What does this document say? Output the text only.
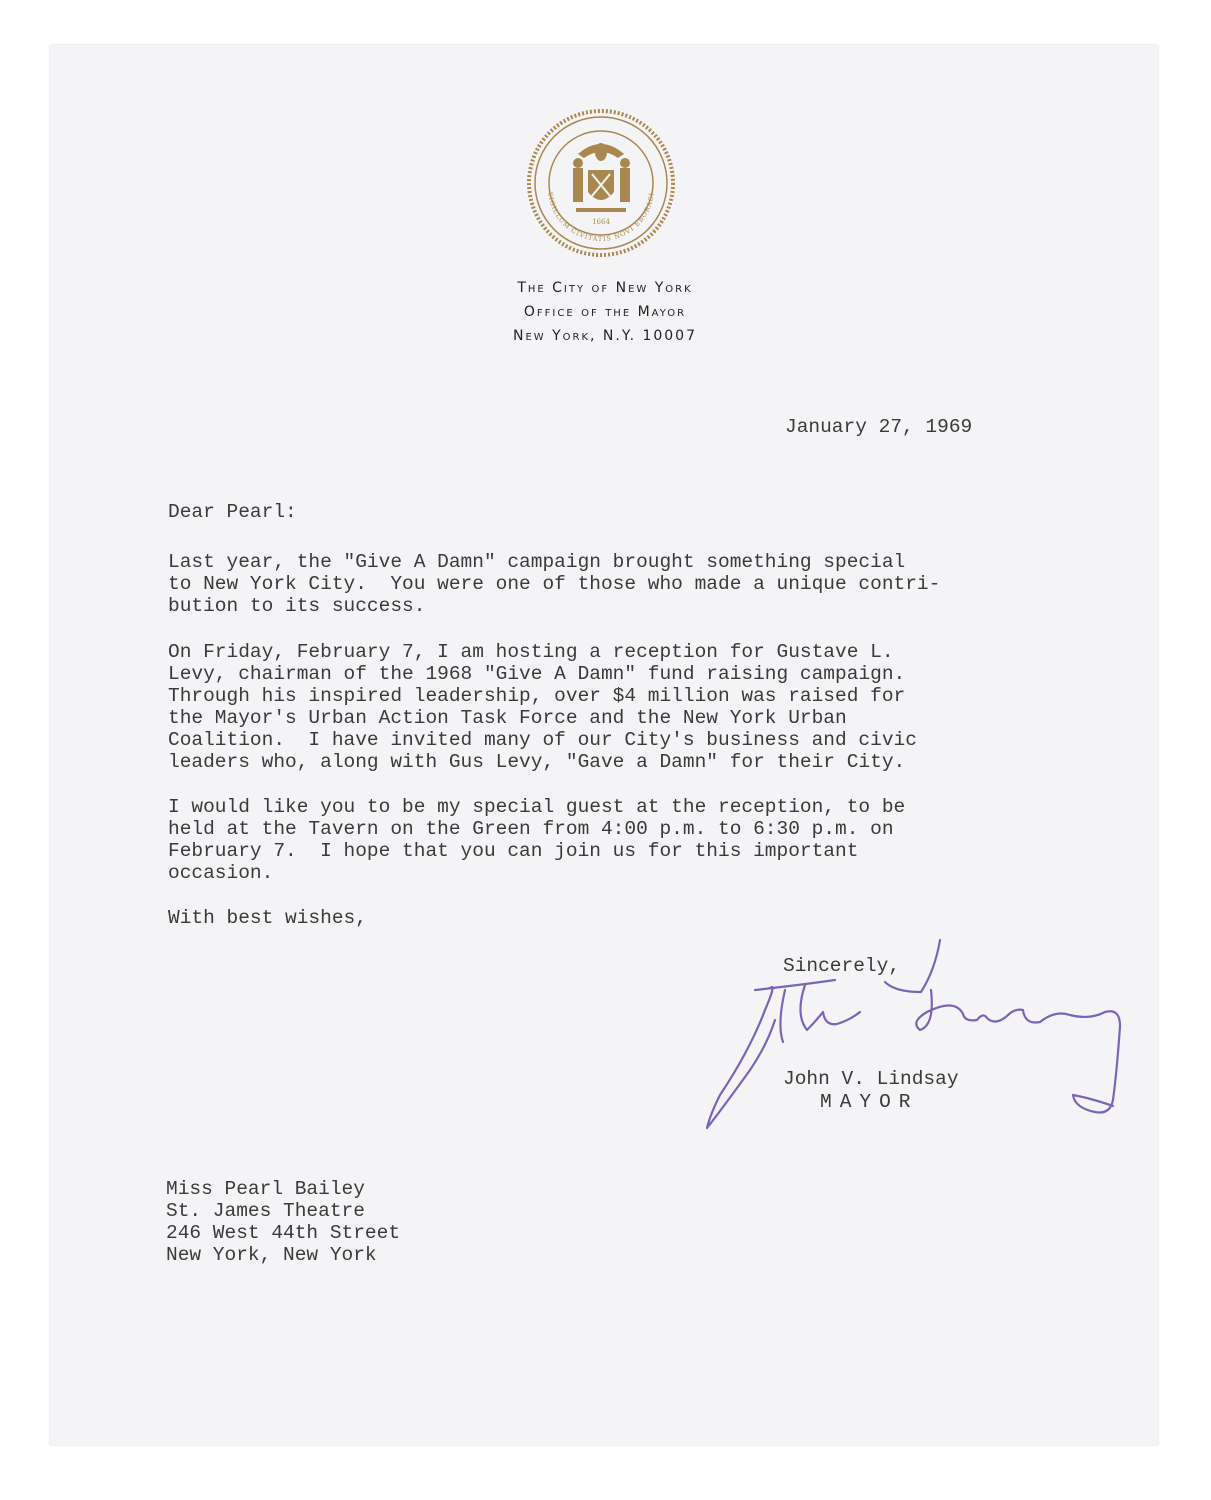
1664
SIGILLUM CIVITATIS NOVI EBORACI
The City of New York
Office of the Mayor
New York, N.Y. 10007
January 27, 1969
Dear Pearl:
Last year, the "Give A Damn" campaign brought something special
to New York City.  You were one of those who made a unique contri-
bution to its success.
On Friday, February 7, I am hosting a reception for Gustave L.
Levy, chairman of the 1968 "Give A Damn" fund raising campaign.
Through his inspired leadership, over $4 million was raised for
the Mayor's Urban Action Task Force and the New York Urban
Coalition.  I have invited many of our City's business and civic
leaders who, along with Gus Levy, "Gave a Damn" for their City.
I would like you to be my special guest at the reception, to be
held at the Tavern on the Green from 4:00 p.m. to 6:30 p.m. on
February 7.  I hope that you can join us for this important
occasion.
With best wishes,
Sincerely,
John V. Lindsay
MAYOR
Miss Pearl Bailey
St. James Theatre
246 West 44th Street
New York, New York
